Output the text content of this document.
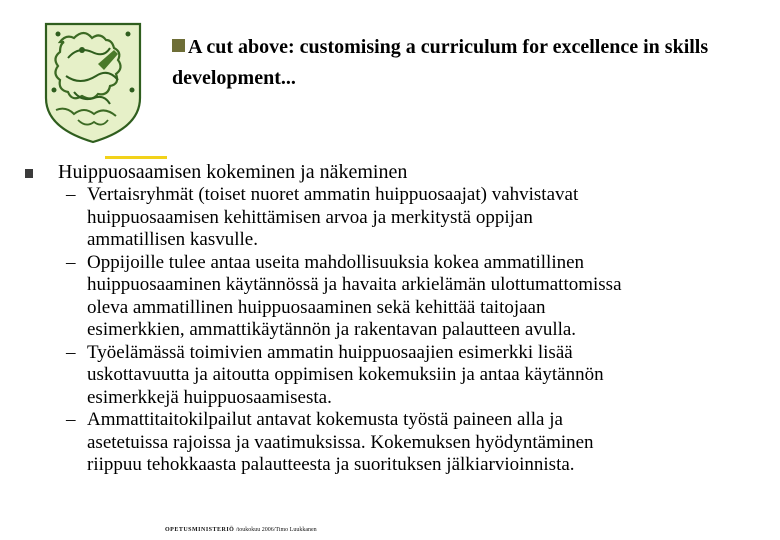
A cut above: customising a curriculum for excellence in skills development...
Huippuosaamisen kokeminen ja näkeminen
– Vertaisryhmät (toiset nuoret ammatin huippuosaajat) vahvistavat
huippuosaamisen kehittämisen arvoa ja merkitystä oppijan
ammatillisen kasvulle.
– Oppijoille tulee antaa useita mahdollisuuksia kokea ammatillinen
huippuosaaminen käytännössä ja havaita arkielämän ulottumattomissa
oleva ammatillinen huippuosaaminen sekä kehittää taitojaan
esimerkkien, ammattikäytännön ja rakentavan palautteen avulla.
– Työelämässä toimivien ammatin huippuosaajien esimerkki lisää
uskottavuutta ja aitoutta oppimisen kokemuksiin ja antaa käytännön
esimerkkejä huippuosaamisesta.
– Ammattitaitokilpailut antavat kokemusta työstä paineen alla ja
asetetuissa rajoissa ja vaatimuksissa. Kokemuksen hyödyntäminen
riippuu tehokkaasta palautteesta ja suorituksen jälkiarvioinnista.
OPETUSMINISTERIÖ /toukokuu 2006/Timo Luukkanen
